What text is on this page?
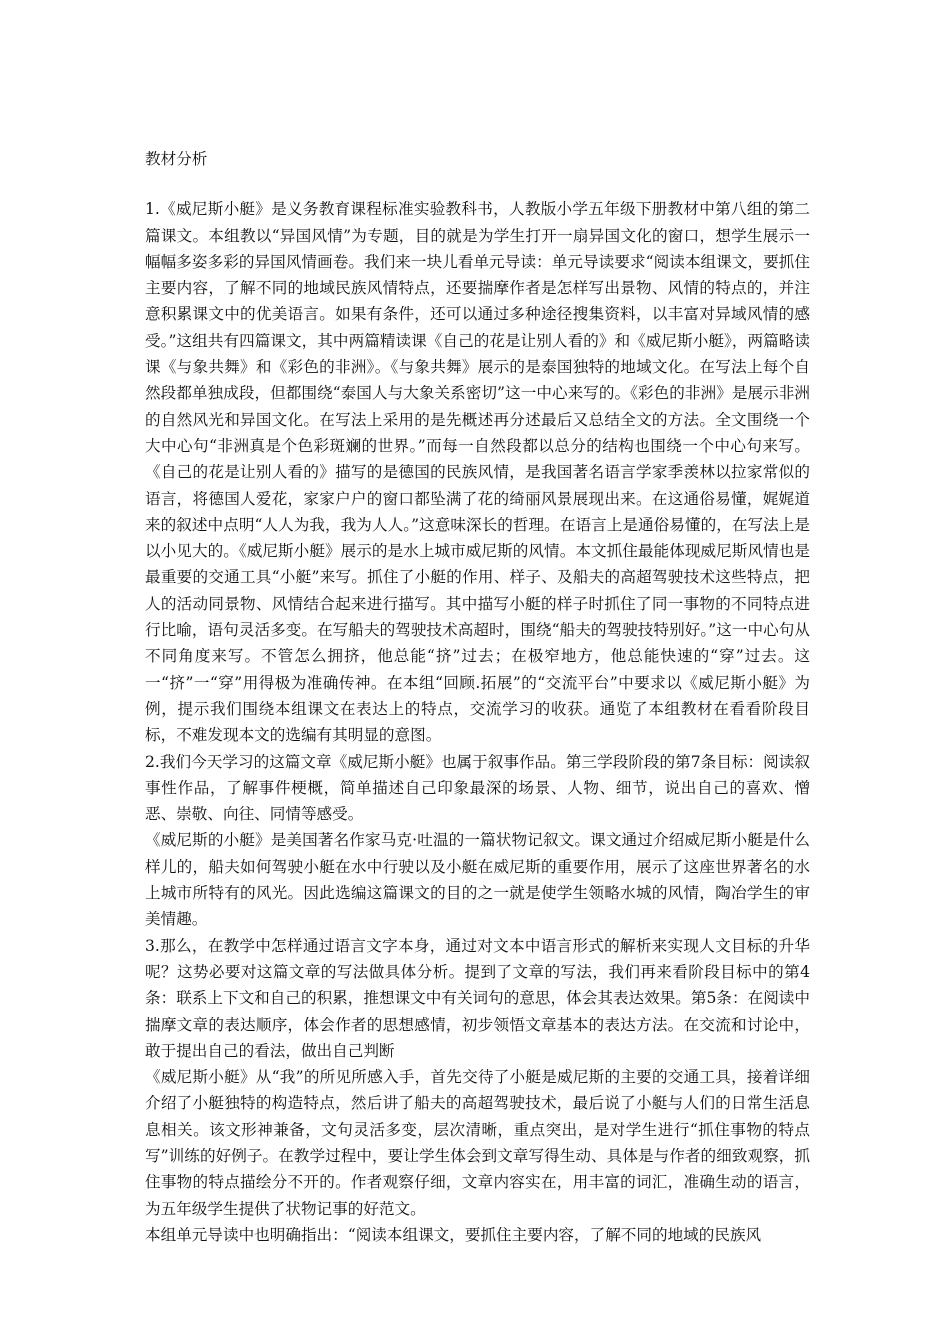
教材分析

1.《威尼斯小艇》是义务教育课程标准实验教科书，人教版小学五年级下册教材中第八组的第二篇课文。本组教以“异国风情”为专题，目的就是为学生打开一扇异国文化的窗口，想学生展示一幅幅多姿多彩的异国风情画卷。我们来一块儿看单元导读：单元导读要求“阅读本组课文，要抓住主要内容，了解不同的地域民族风情特点，还要揣摩作者是怎样写出景物、风情的特点的，并注意积累课文中的优美语言。如果有条件，还可以通过多种途径搜集资料，以丰富对异域风情的感受。”这组共有四篇课文，其中两篇精读课《自己的花是让别人看的》和《威尼斯小艇》，两篇略读课《与象共舞》和《彩色的非洲》。《与象共舞》展示的是泰国独特的地域文化。在写法上每个自然段都单独成段，但都围绕“泰国人与大象关系密切”这一中心来写的。《彩色的非洲》是展示非洲的自然风光和异国文化。在写法上采用的是先概述再分述最后又总结全文的方法。全文围绕一个大中心句“非洲真是个色彩斑斓的世界。”而每一自然段都以总分的结构也围绕一个中心句来写。《自己的花是让别人看的》描写的是德国的民族风情，是我国著名语言学家季羡林以拉家常似的语言，将德国人爱花，家家户户的窗口都坠满了花的绮丽风景展现出来。在这通俗易懂，娓娓道来的叙述中点明“人人为我，我为人人。”这意味深长的哲理。在语言上是通俗易懂的，在写法上是以小见大的。《威尼斯小艇》展示的是水上城市威尼斯的风情。本文抓住最能体现威尼斯风情也是最重要的交通工具“小艇”来写。抓住了小艇的作用、样子、及船夫的高超驾驶技术这些特点，把人的活动同景物、风情结合起来进行描写。其中描写小艇的样子时抓住了同一事物的不同特点进行比喻，语句灵活多变。在写船夫的驾驶技术高超时，围绕“船夫的驾驶技特别好。”这一中心句从不同角度来写。不管怎么拥挤，他总能“挤”过去；在极窄地方，他总能快速的“穿”过去。这一“挤”一“穿”用得极为准确传神。在本组“回顾.拓展”的“交流平台”中要求以《威尼斯小艇》为例，提示我们围绕本组课文在表达上的特点，交流学习的收获。通览了本组教材在看看阶段目标，不难发现本文的选编有其明显的意图。

2.我们今天学习的这篇文章《威尼斯小艇》也属于叙事作品。第三学段阶段的第7条目标：阅读叙事性作品，了解事件梗概，简单描述自己印象最深的场景、人物、细节，说出自己的喜欢、憎恶、崇敬、向往、同情等感受。

《威尼斯的小艇》是美国著名作家马克·吐温的一篇状物记叙文。课文通过介绍威尼斯小艇是什么样儿的，船夫如何驾驶小艇在水中行驶以及小艇在威尼斯的重要作用，展示了这座世界著名的水上城市所特有的风光。因此选编这篇课文的目的之一就是使学生领略水城的风情，陶冶学生的审美情趣。

3.那么，在教学中怎样通过语言文字本身，通过对文本中语言形式的解析来实现人文目标的升华呢？这势必要对这篇文章的写法做具体分析。提到了文章的写法，我们再来看阶段目标中的第4条：联系上下文和自己的积累，推想课文中有关词句的意思，体会其表达效果。第5条：在阅读中揣摩文章的表达顺序，体会作者的思想感情，初步领悟文章基本的表达方法。在交流和讨论中，敢于提出自己的看法，做出自己判断

《威尼斯小艇》从“我”的所见所感入手，首先交待了小艇是威尼斯的主要的交通工具，接着详细介绍了小艇独特的构造特点，然后讲了船夫的高超驾驶技术，最后说了小艇与人们的日常生活息息相关。该文形神兼备，文句灵活多变，层次清晰，重点突出，是对学生进行“抓住事物的特点写”训练的好例子。在教学过程中，要让学生体会到文章写得生动、具体是与作者的细致观察，抓住事物的特点描绘分不开的。作者观察仔细，文章内容实在，用丰富的词汇，准确生动的语言，为五年级学生提供了状物记事的好范文。

本组单元导读中也明确指出：“阅读本组课文，要抓住主要内容，了解不同的地域的民族风
